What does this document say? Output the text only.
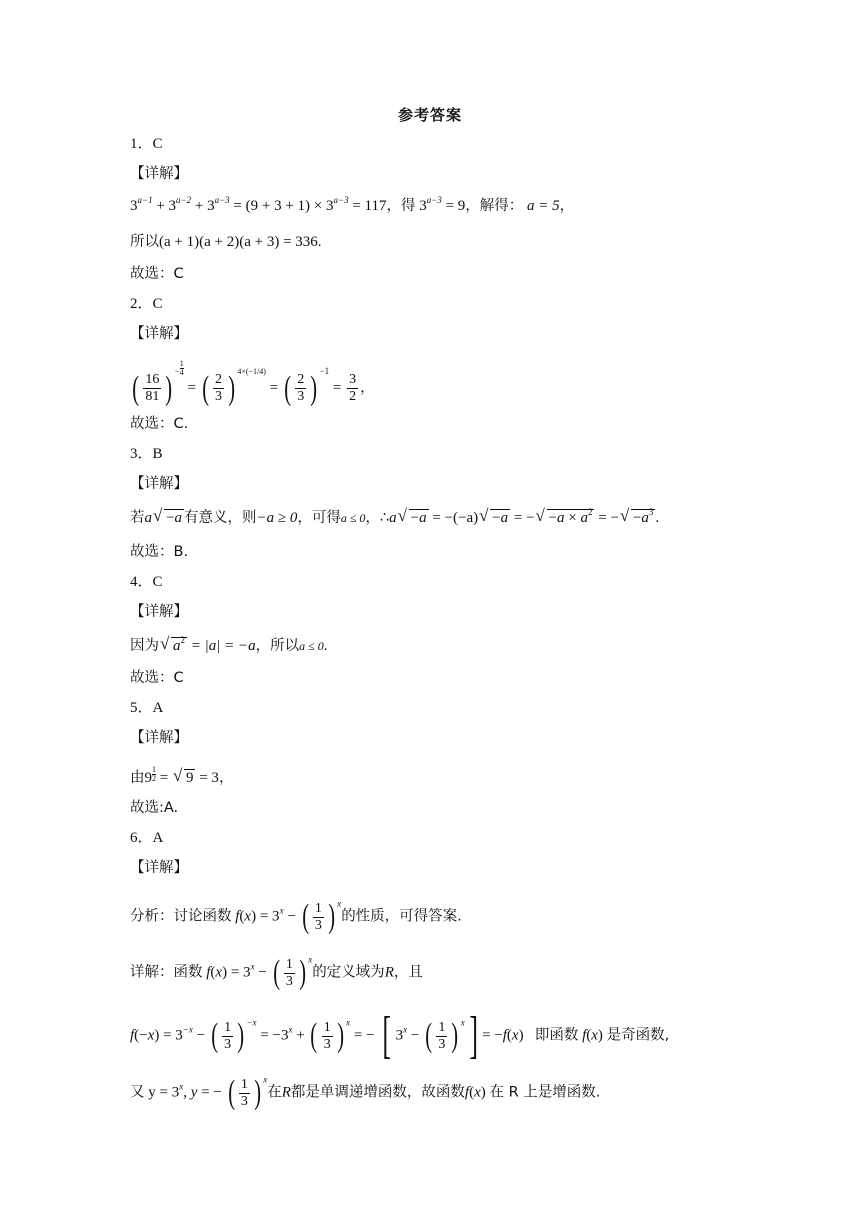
参考答案
1．C
【详解】
$3^{a-1} + 3^{a-2} + 3^{a-3} = (9 + 3 + 1) \times 3^{a-3} = 117$，得 $3^{a-3} = 9$，解得： a = 5，
所以(a + 1)(a + 2)(a + 3) = 336.
故选：C
2．C
【详解】
( $\frac{16}{81}$ ) $^{- \frac{1}{4}}$
= ( $\frac{2}{3}$ ) $^{4\times(-1/4)}$ = ( $\frac{2}{3}$ ) $^{-1} = \frac{3}{2}$ ，
故选：C.
3．B
【详解】
若a √ −a 有意义，则−a ≥ 0，可得a ≤ 0，∴a √ −a = −(−a) √ −a = − √ $-a \times a^2$ = − √ $-a^3$ .
故选：B.
4．C
【详解】
因为 √ $a^2 = |a| = -a$，所以a ≤ 0.
故选：C
5．A
【详解】
由$9 \frac{1}{2}$ = √ 9 = 3，
故选:A.
6．A
【详解】
分析：讨论函数 $f(x) = 3^x$ − ( $\frac{1}{3}$ ) $^x$的性质，可得答案.
详解：函数 $f(x) = 3^x$ − ( $\frac{1}{3}$ ) $^x$的定义域为R，且
$f(-x) = 3^{-x}$ − ( $\frac{1}{3}$ ) $^{-x} = -3^x$ + ( $\frac{1}{3}$ ) $^x$ = − [ $3^x$ − ( $\frac{1}{3}$ ) $^x$] = −f(x)   即函数 f(x) 是奇函数,
又 $y = 3^x$, y = − ( $\frac{1}{3}$ ) $^x$在R都是单调递增函数，故函数f(x) 在 R 上是增函数.
